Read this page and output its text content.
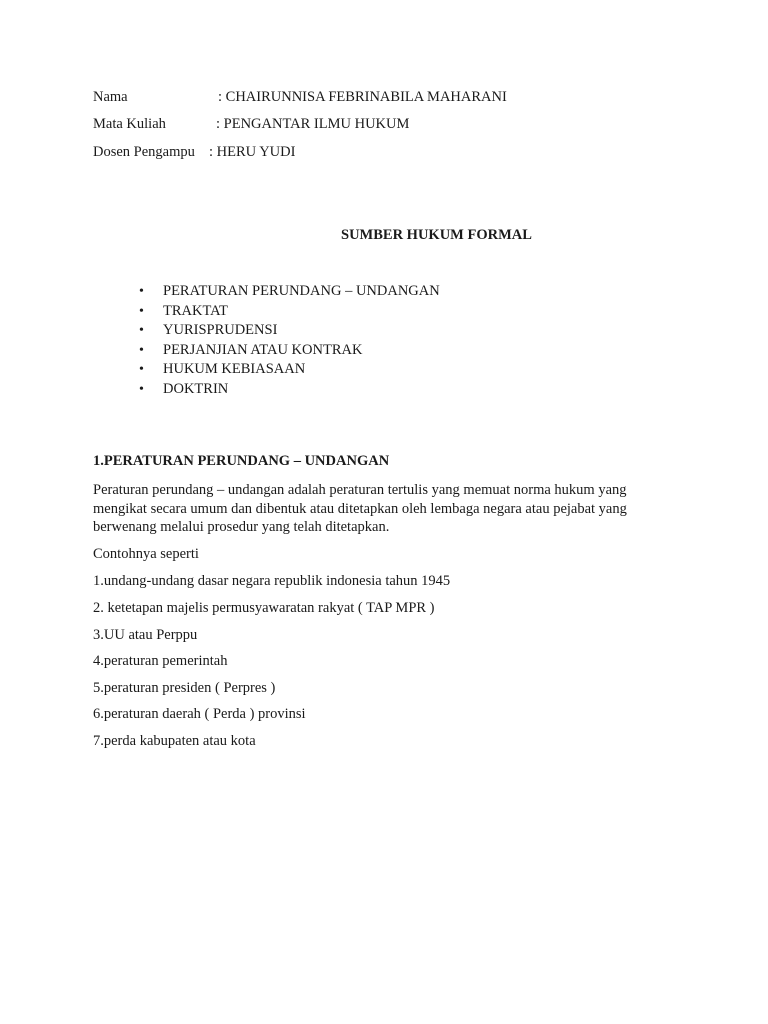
Nama	: CHAIRUNNISA FEBRINABILA MAHARANI
Mata Kuliah	: PENGANTAR ILMU HUKUM
Dosen Pengampu : HERU YUDI
SUMBER HUKUM FORMAL
• PERATURAN PERUNDANG – UNDANGAN
• TRAKTAT
• YURISPRUDENSI
• PERJANJIAN ATAU KONTRAK
• HUKUM KEBIASAAN
• DOKTRIN
1.PERATURAN PERUNDANG – UNDANGAN
Peraturan perundang – undangan adalah peraturan tertulis yang memuat norma hukum yang
mengikat secara umum dan dibentuk atau ditetapkan oleh lembaga negara atau pejabat yang
berwenang melalui prosedur yang telah ditetapkan.
Contohnya seperti
1.undang-undang dasar negara republik indonesia tahun 1945
2. ketetapan majelis permusyawaratan rakyat ( TAP MPR )
3.UU atau Perppu
4.peraturan pemerintah
5.peraturan presiden ( Perpres )
6.peraturan daerah ( Perda ) provinsi
7.perda kabupaten atau kota
